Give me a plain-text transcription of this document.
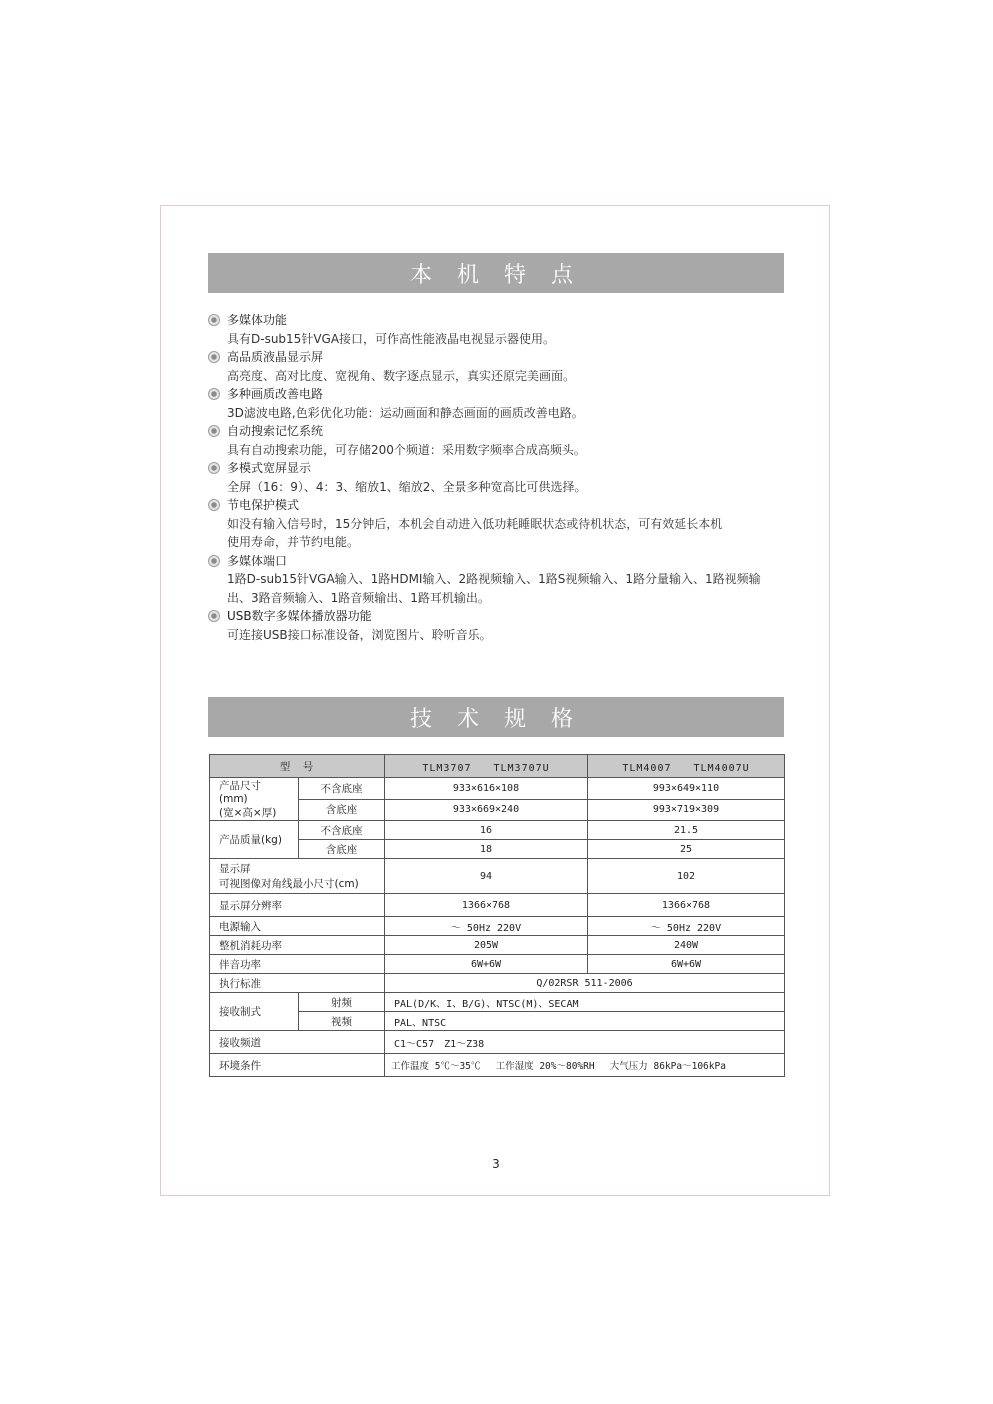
本 机 特 点
多媒体功能
具有D-sub15针VGA接口，可作高性能液晶电视显示器使用。
高品质液晶显示屏
高亮度、高对比度、宽视角、数字逐点显示，真实还原完美画面。
多种画质改善电路
3D滤波电路,色彩优化功能：运动画面和静态画面的画质改善电路。
自动搜索记忆系统
具有自动搜索功能，可存储200个频道：采用数字频率合成高频头。
多模式宽屏显示
全屏（16：9）、4：3、缩放1、缩放2、全景多种宽高比可供选择。
节电保护模式
如没有输入信号时，15分钟后，本机会自动进入低功耗睡眠状态或待机状态，可有效延长本机
使用寿命，并节约电能。
多媒体端口
1路D-sub15针VGA输入、1路HDMI输入、2路视频输入、1路S视频输入、1路分量输入、1路视频输
出、3路音频输入、1路音频输出、1路耳机输出。
USB数字多媒体播放器功能
可连接USB接口标准设备，浏览图片、聆听音乐。
技 术 规 格
型　号		TLM3707　　TLM3707U	TLM4007　　TLM4007U

产品尺寸(mm)
(宽×高×厚)	不含底座	933×616×108	993×649×110
	含底座	933×669×240	993×719×309
产品质量(kg)	不含底座	16	21.5
	含底座	18	25

显示屏
可视图像对角线最小尺寸(cm)		94	102
显示屏分辨率		1366×768	1366×768
电源输入		～ 50Hz 220V	～ 50Hz 220V
整机消耗功率		205W	240W
伴音功率		6W+6W	6W+6W
执行标准		Q/02RSR 511-2006	
接收制式	射频	PAL(D/K、I、B/G)、NTSC(M)、SECAM	
	视频	PAL、NTSC	
接收频道		C1～C57　Z1～Z38	
环境条件		工作温度 5℃～35℃　 工作湿度 20%～80%RH　 大气压力 86kPa～106kPa	
3
